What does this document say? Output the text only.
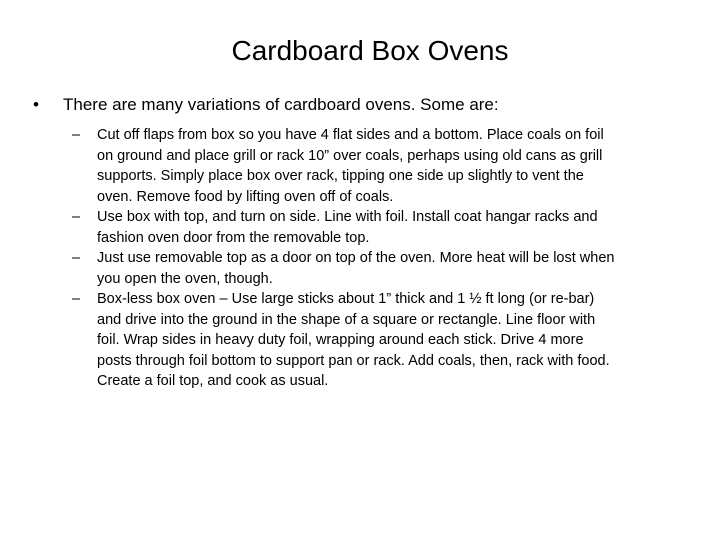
Cardboard Box Ovens
• There are many variations of cardboard ovens. Some are:
– Cut off flaps from box so you have 4 flat sides and a bottom. Place coals on foil
on ground and place grill or rack 10” over coals, perhaps using old cans as grill
supports. Simply place box over rack, tipping one side up slightly to vent the
oven. Remove food by lifting oven off of coals.
– Use box with top, and turn on side. Line with foil. Install coat hangar racks and
fashion oven door from the removable top.
– Just use removable top as a door on top of the oven. More heat will be lost when
you open the oven, though.
– Box-less box oven – Use large sticks about 1” thick and 1 ½ ft long (or re-bar)
and drive into the ground in the shape of a square or rectangle. Line floor with
foil. Wrap sides in heavy duty foil, wrapping around each stick. Drive 4 more
posts through foil bottom to support pan or rack. Add coals, then, rack with food.
Create a foil top, and cook as usual.
